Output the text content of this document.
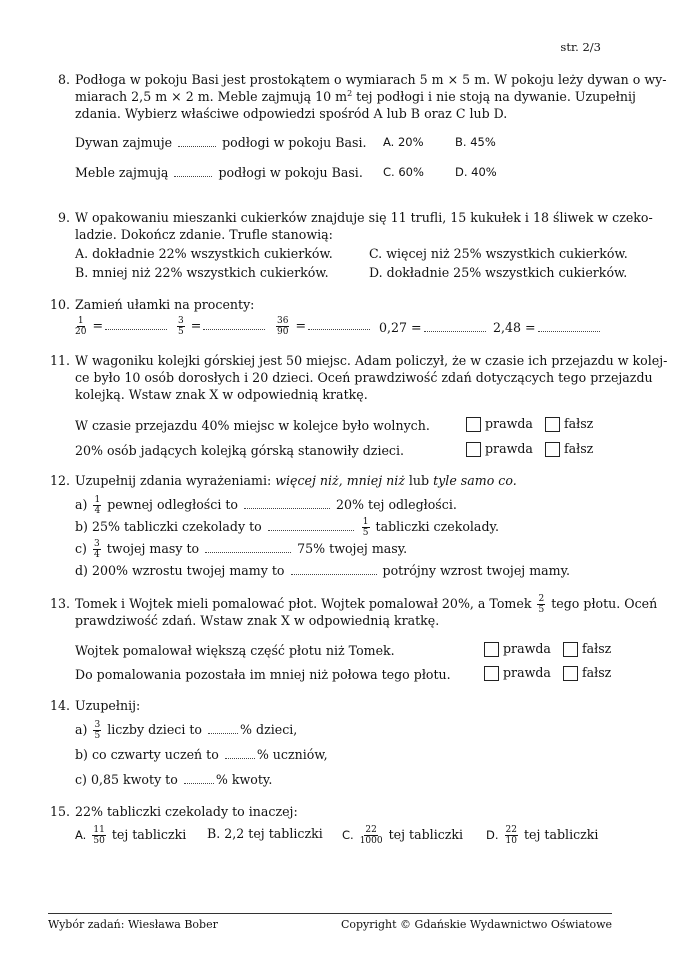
str. 2/3
8. Podłoga w pokoju Basi jest prostokątem o wymiarach 5 m × 5 m. W pokoju leży dywan o wy-
miarach 2,5 m × 2 m. Meble zajmują 10 $m^2$ tej podłogi i nie stoją na dywanie. Uzupełnij
zdania. Wybierz właściwe odpowiedzi spośród A lub B oraz C lub D.
Dywan zajmuje	podłogi w pokoju Basi. A. 20%	B. 45%
Meble zajmują	podłogi w pokoju Basi. C. 60%	D. 40%
9. W opakowaniu mieszanki cukierków znajduje się 11 trufli, 15 kukułek i 18 śliwek w czeko-
ladzie. Dokończ zdanie. Trufle stanowią:
A. dokładnie 22% wszystkich cukierków.	C. więcej niż 25% wszystkich cukierków.
B. mniej niż 22% wszystkich cukierków.	D. dokładnie 25% wszystkich cukierków.
10. Zamień ułamki na procenty:
$\frac{1}{20}$ =	$\frac{3}{5}$ =	$\frac{36}{90}$ =	0,27 =	2,48 =
11. W wagoniku kolejki górskiej jest 50 miejsc. Adam policzył, że w czasie ich przejazdu w kolej-
ce było 10 osób dorosłych i 20 dzieci. Oceń prawdziwość zdań dotyczących tego przejazdu
kolejką. Wstaw znak X w odpowiednią kratkę.
W czasie przejazdu 40% miejsc w kolejce było wolnych.	prawda fałsz
20% osób jadących kolejką górską stanowiły dzieci.	prawda fałsz
12. Uzupełnij zdania wyrażeniami: więcej niż, mniej niż lub tyle samo co.
$a) \frac{1}{4}$ pewnej odległości to	20% tej odległości.
b) 25% tabliczki czekolady to	$\frac{1}{5}$ tabliczki czekolady.
$c) \frac{3}{4}$ twojej masy to	75% twojej masy.
d) 200% wzrostu twojej mamy to	potrójny wzrost twojej mamy.
13. Tomek i Wojtek mieli pomalować płot. Wojtek pomalował 20%, a Tomek $\frac{2}{5}$ tego płotu. Oceń
prawdziwość zdań. Wstaw znak X w odpowiednią kratkę.
Wojtek pomalował większą część płotu niż Tomek.	prawda fałsz
Do pomalowania pozostała im mniej niż połowa tego płotu.	prawda fałsz
14. Uzupełnij:
$a) \frac{3}{5}$ liczby dzieci to	% dzieci,
b) co czwarty uczeń to	% uczniów,
c) 0,85 kwoty to	% kwoty.
15. 22% tabliczki czekolady to inaczej:
A. $\frac{11}{50}$ tej tabliczki B. 2,2 tej tabliczki C. $\frac{22}{1000}$ tej tabliczki D. $\frac{22}{10}$ tej tabliczki
Wybór zadań: Wiesława Bober	Copyright © Gdańskie Wydawnictwo Oświatowe
